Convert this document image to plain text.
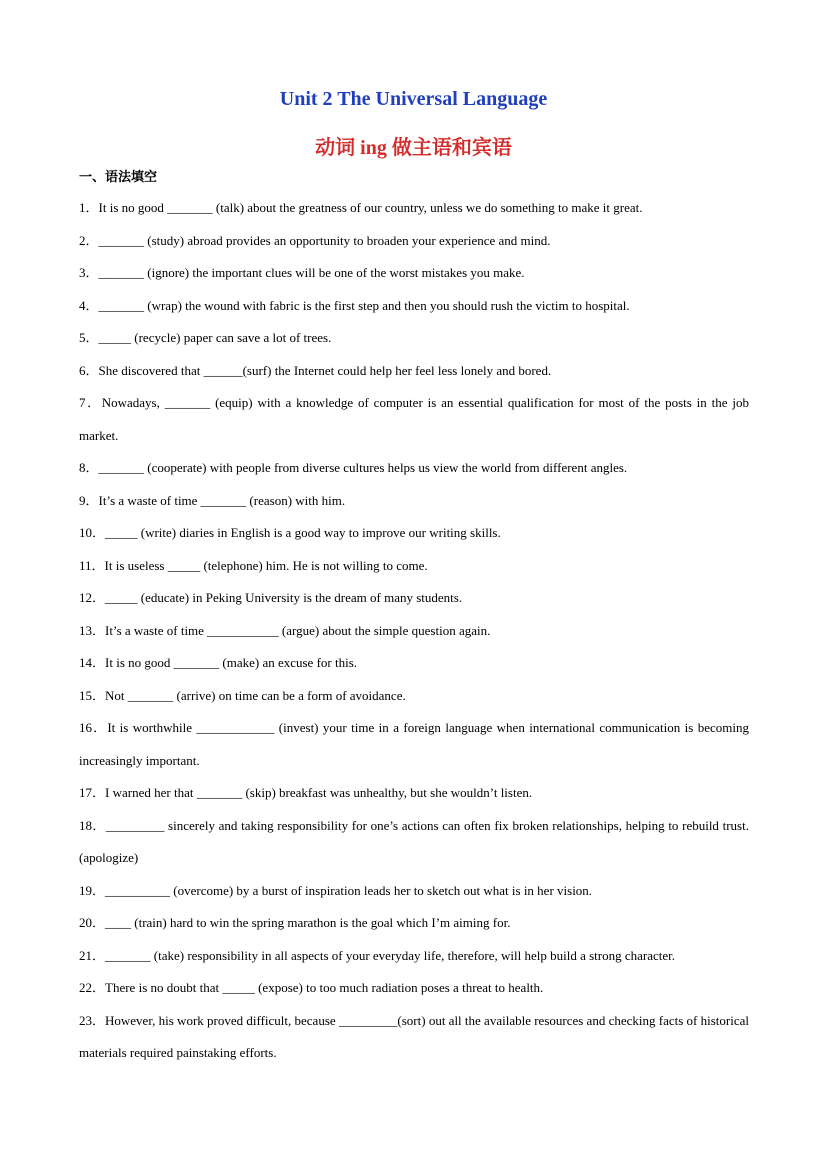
Unit 2 The Universal Language
动词 ing 做主语和宾语
一、语法填空
1．It is no good _______ (talk) about the greatness of our country, unless we do something to make it great.
2．_______ (study) abroad provides an opportunity to broaden your experience and mind.
3．_______ (ignore) the important clues will be one of the worst mistakes you make.
4．_______ (wrap) the wound with fabric is the first step and then you should rush the victim to hospital.
5．_____ (recycle) paper can save a lot of trees.
6．She discovered that ______(surf) the Internet could help her feel less lonely and bored.
7．Nowadays, _______ (equip) with a knowledge of computer is an essential qualification for most of the posts in the job market.
8．_______ (cooperate) with people from diverse cultures helps us view the world from different angles.
9．It’s a waste of time _______ (reason) with him.
10．_____ (write) diaries in English is a good way to improve our writing skills.
11．It is useless _____ (telephone) him. He is not willing to come.
12．_____ (educate) in Peking University is the dream of many students.
13．It’s a waste of time ___________ (argue) about the simple question again.
14．It is no good _______ (make) an excuse for this.
15．Not _______ (arrive) on time can be a form of avoidance.
16．It is worthwhile ____________ (invest) your time in a foreign language when international communication is becoming increasingly important.
17．I warned her that _______ (skip) breakfast was unhealthy, but she wouldn’t listen.
18．_________ sincerely and taking responsibility for one’s actions can often fix broken relationships, helping to rebuild trust. (apologize)
19．__________ (overcome) by a burst of inspiration leads her to sketch out what is in her vision.
20．____ (train) hard to win the spring marathon is the goal which I’m aiming for.
21．_______ (take) responsibility in all aspects of your everyday life, therefore, will help build a strong character.
22．There is no doubt that _____ (expose) to too much radiation poses a threat to health.
23．However, his work proved difficult, because _________(sort) out all the available resources and checking facts of historical materials required painstaking efforts.
